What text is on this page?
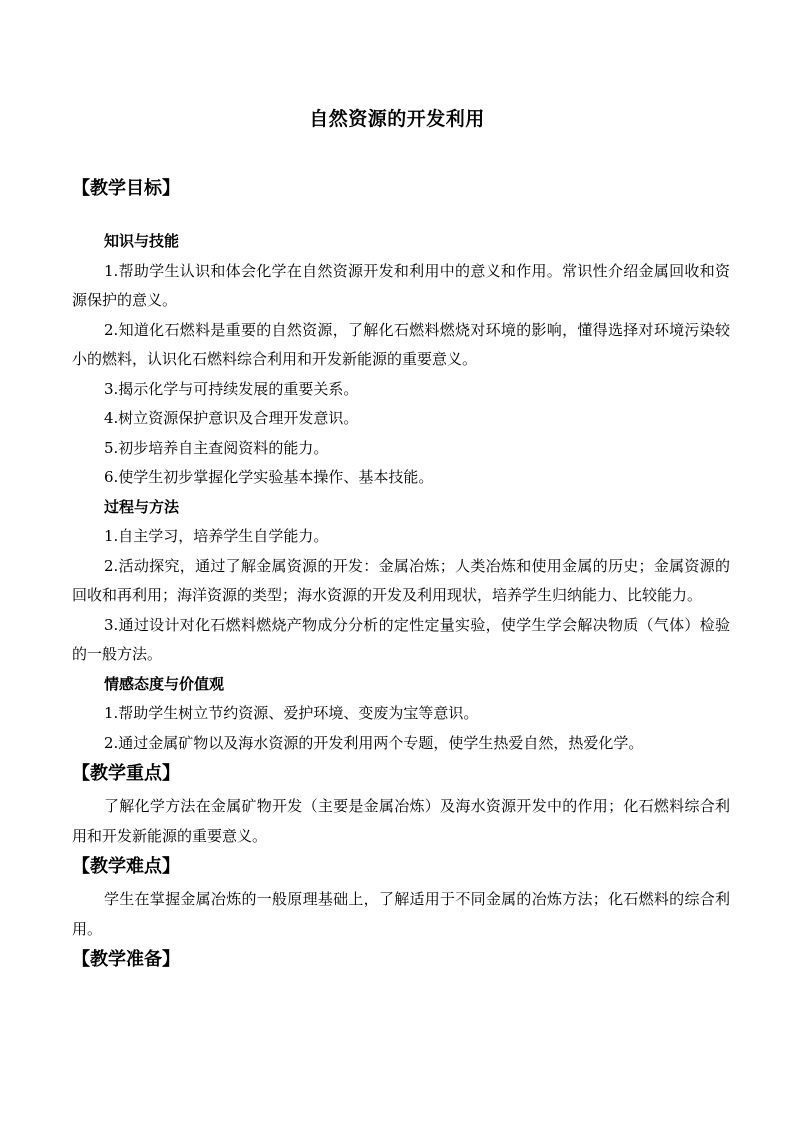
自然资源的开发利用
【教学目标】
知识与技能
1.帮助学生认识和体会化学在自然资源开发和利用中的意义和作用。常识性介绍金属回收和资源保护的意义。
2.知道化石燃料是重要的自然资源，了解化石燃料燃烧对环境的影响，懂得选择对环境污染较小的燃料，认识化石燃料综合利用和开发新能源的重要意义。
3.揭示化学与可持续发展的重要关系。
4.树立资源保护意识及合理开发意识。
5.初步培养自主查阅资料的能力。
6.使学生初步掌握化学实验基本操作、基本技能。
过程与方法
1.自主学习，培养学生自学能力。
2.活动探究，通过了解金属资源的开发：金属冶炼；人类冶炼和使用金属的历史；金属资源的回收和再利用；海洋资源的类型；海水资源的开发及利用现状，培养学生归纳能力、比较能力。
3.通过设计对化石燃料燃烧产物成分分析的定性定量实验，使学生学会解决物质（气体）检验的一般方法。
情感态度与价值观
1.帮助学生树立节约资源、爱护环境、变废为宝等意识。
2.通过金属矿物以及海水资源的开发利用两个专题，使学生热爱自然，热爱化学。
【教学重点】
了解化学方法在金属矿物开发（主要是金属冶炼）及海水资源开发中的作用；化石燃料综合利用和开发新能源的重要意义。
【教学难点】
学生在掌握金属冶炼的一般原理基础上，了解适用于不同金属的冶炼方法；化石燃料的综合利用。
【教学准备】
